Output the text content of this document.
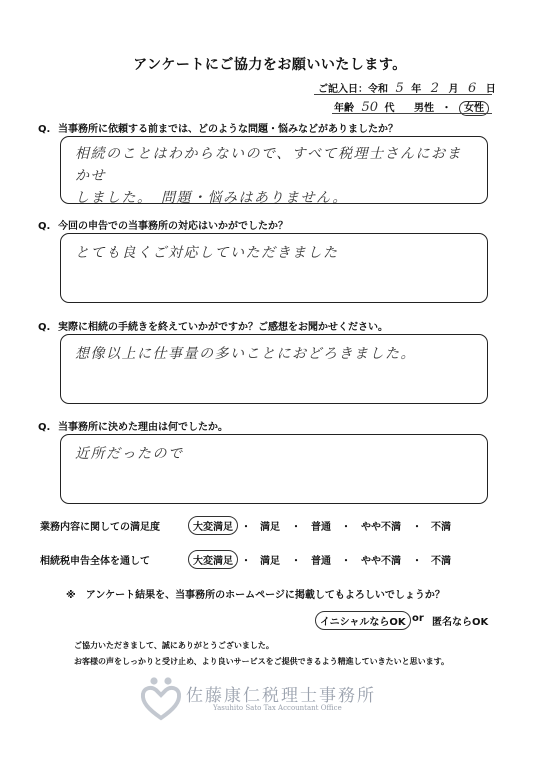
アンケートにご協力をお願いいたします。
ご記入日：令和 5 年 2 月 6 日
年齢 50 代 男性 ・ 女性
Q. 当事務所に依頼する前までは、どのような問題・悩みなどがありましたか？
相続のことはわからないので、すべて税理士さんにおまかせ
しました。　問題・悩みはありません。
Q. 今回の申告での当事務所の対応はいかがでしたか？
とても良くご対応していただきました
Q. 実際に相続の手続きを終えていかがですか？ご感想をお聞かせください。
想像以上に仕事量の多いことにおどろきました。
Q. 当事務所に決めた理由は何でしたか。
近所だったので
業務内容に関しての満足度	大変満足 ・ 満足 ・ 普通 ・ やや不満 ・ 不満
相続税申告全体を通して	大変満足 ・ 満足 ・ 普通 ・ やや不満 ・ 不満
※ アンケート結果を、当事務所のホームページに掲載してもよろしいでしょうか？
イニシャルならOK or 匿名ならOK
ご協力いただきまして、誠にありがとうございました。
お客様の声をしっかりと受け止め、より良いサービスをご提供できるよう精進していきたいと思います。
佐藤康仁税理士事務所
Yasuhito Sato Tax Accountant Office
